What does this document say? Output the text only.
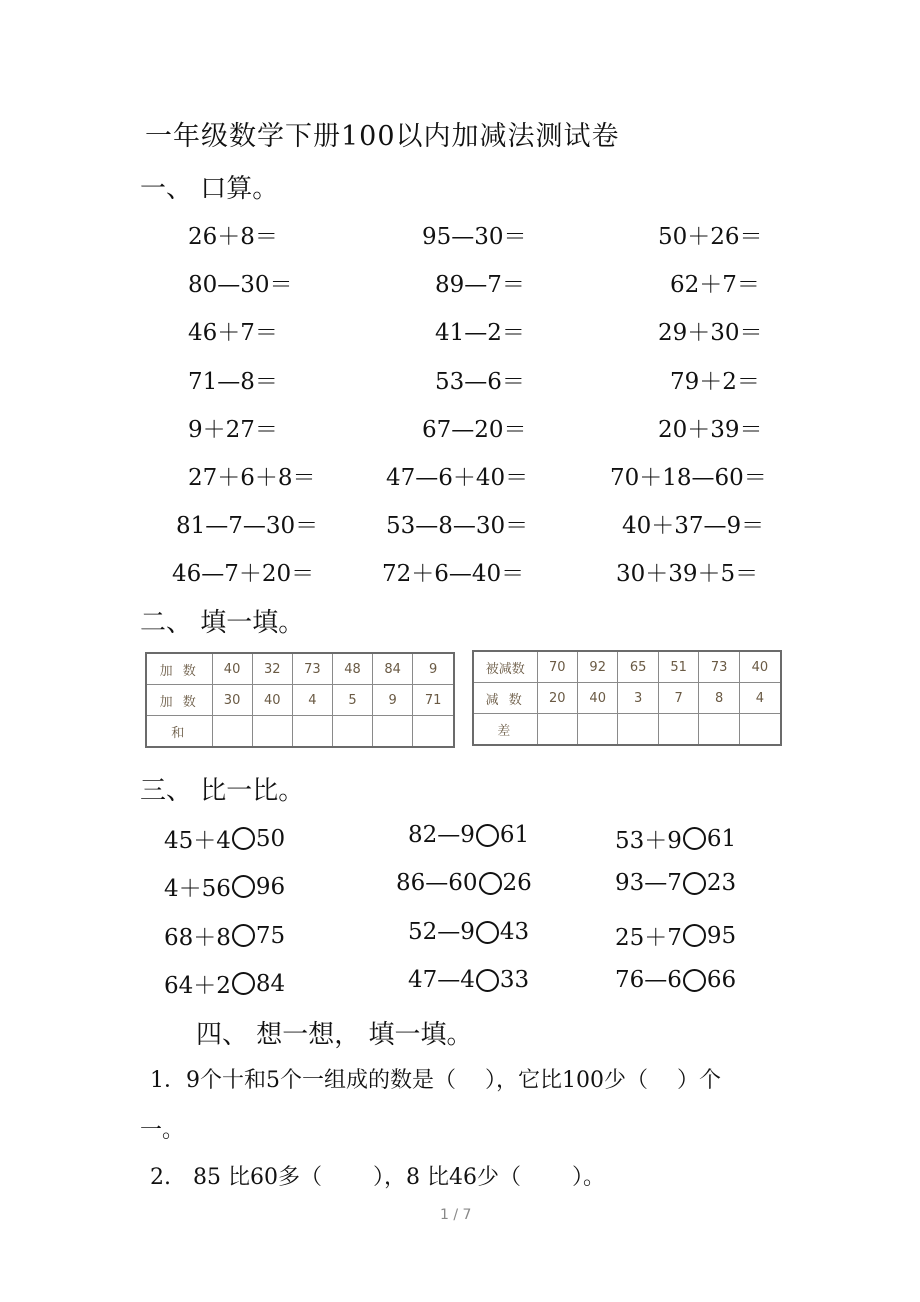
一年级数学下册100以内加减法测试卷
一、 口算。
26＋8＝	95—30＝	50＋26＝
80—30＝	89—7＝	62＋7＝
46＋7＝	41—2＝	29＋30＝
71—8＝	53—6＝	79＋2＝
9＋27＝	67—20＝	20＋39＝
27＋6＋8＝	47—6＋40＝	70＋18—60＝
81—7—30＝	53—8—30＝	40＋37—9＝
46—7＋20＝	72＋6—40＝	30＋39＋5＝
二、 填一填。
加 数	40	32	73	48	84	9
加 数	30	40	4	5	9	71
和						
被减数	70	92	65	51	73	40
减 数	20	40	3	7	8	4
差						
三、 比一比。
45＋4 50	82—9 61	53＋9 61
4＋56 96	86—60 26	93—7 23
68＋8 75	52—9 43	25＋7 95
64＋2 84	47—4 33	76—6 66
四、 想一想， 填一填。
1．9个十和5个一组成的数是（　 ），它比100少（　 ）个
一。
2.　85 比60多（　　 ），8 比46少（　　 ）。
1 / 7
